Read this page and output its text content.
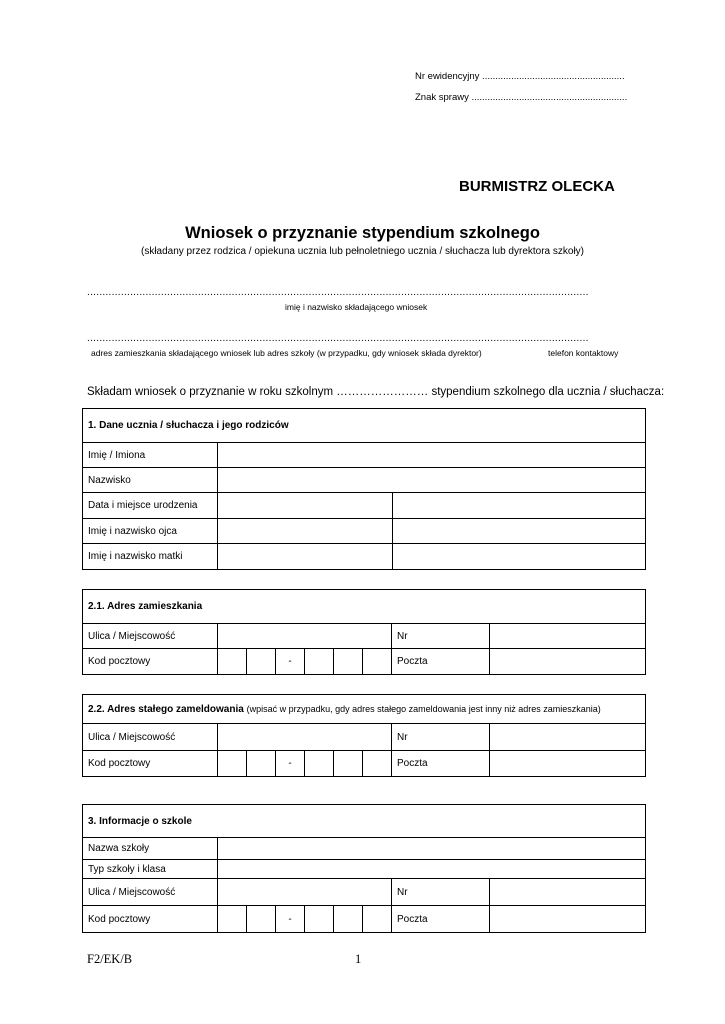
Nr ewidencyjny ......................................................
Znak sprawy ...........................................................
BURMISTRZ OLECKA
Wniosek o przyznanie stypendium szkolnego
(składany przez rodzica / opiekuna ucznia lub pełnoletniego ucznia / słuchacza lub dyrektora szkoły)
...................................................................................................................................................................
imię i nazwisko składającego wniosek
...................................................................................................................................................................
adres zamieszkania składającego wniosek lub adres szkoły (w przypadku, gdy wniosek składa dyrektor)	telefon kontaktowy
Składam wniosek o przyznanie w roku szkolnym …………………… stypendium szkolnego dla ucznia / słuchacza:
1. Dane ucznia / słuchacza i jego rodziców		
Imię / Imiona		
Nazwisko		
Data i miejsce urodzenia		
Imię i nazwisko ojca		
Imię i nazwisko matki		
2.1. Adres zamieszkania								
Ulica / Miejscowość							Nr	
Kod pocztowy			-				Poczta	
2.2. Adres stałego zameldowania (wpisać w przypadku, gdy adres stałego zameldowania jest inny niż adres zamieszkania)								
Ulica / Miejscowość							Nr	
Kod pocztowy			-				Poczta	
3. Informacje o szkole								
Nazwa szkoły								
Typ szkoły i klasa								
Ulica / Miejscowość							Nr	
Kod pocztowy			-				Poczta	
F2/EK/B	1
